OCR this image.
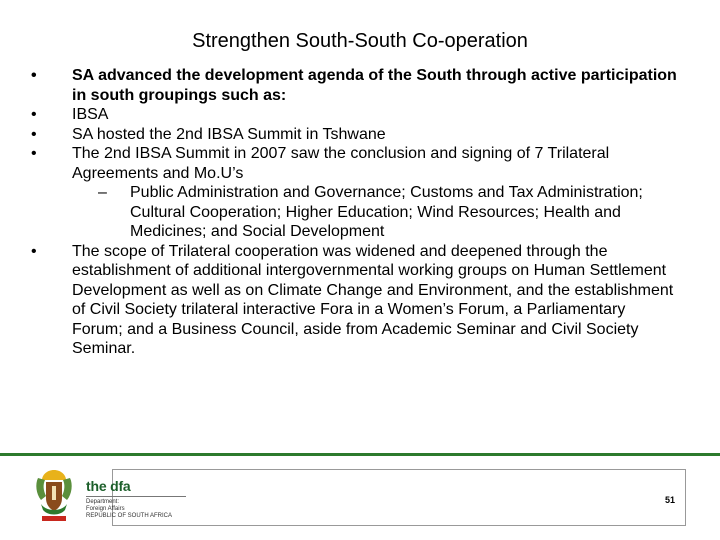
Strengthen South-South Co-operation
• SA advanced the development agenda of the South through active participation in south groupings such as:
• IBSA
• SA hosted the 2nd IBSA Summit in Tshwane
• The 2nd IBSA Summit in 2007 saw the conclusion and signing of 7 Trilateral Agreements and Mo.U’s
– Public Administration and Governance; Customs and Tax Administration; Cultural Cooperation; Higher Education; Wind Resources; Health and Medicines; and Social Development
• The scope of Trilateral cooperation was widened and deepened through the establishment of additional intergovernmental working groups on Human Settlement Development as well as on Climate Change and Environment, and the establishment of Civil Society trilateral interactive Fora in a Women’s Forum, a Parliamentary Forum; and a Business Council, aside from Academic Seminar and Civil Society Seminar.
51
the dfa
Department:
Foreign Affairs
REPUBLIC OF SOUTH AFRICA
